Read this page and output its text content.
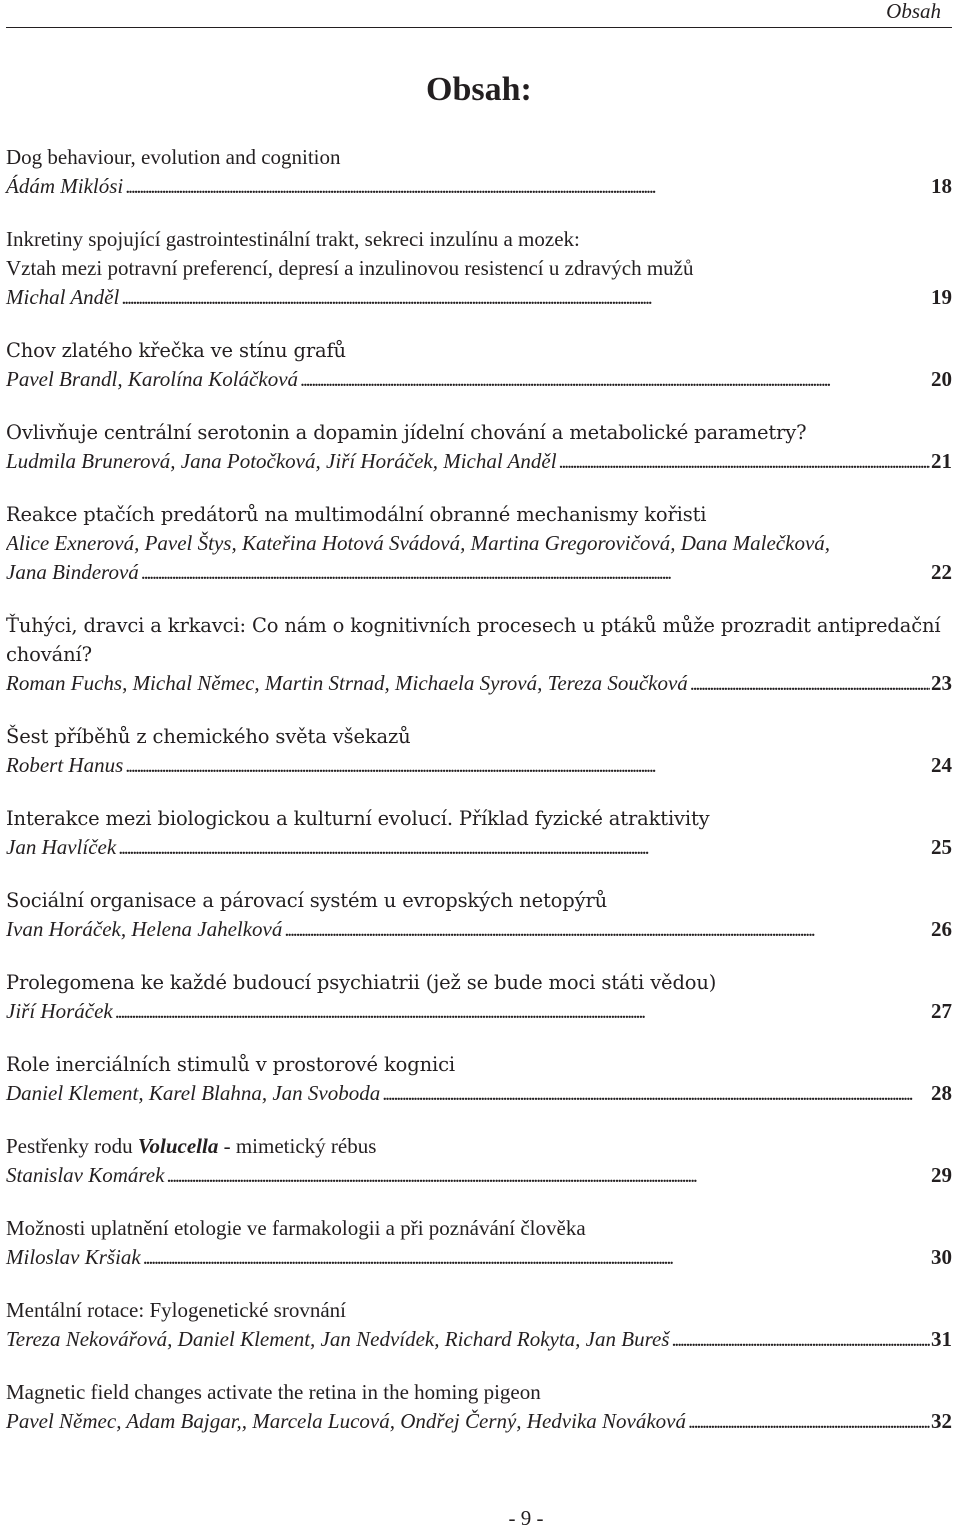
Obsah
Obsah:
Dog behaviour, evolution and cognition
Ádám Miklósi . . .	18
Inkretiny spojující gastrointestinální trakt, sekreci inzulínu a mozek:
Vztah mezi potravní preferencí, depresí a inzulinovou resistencí u zdravých mužů
Michal Anděl . . .	19
Chov zlatého křečka ve stínu grafů
Pavel Brandl, Karolína Koláčková . . .	20
Ovlivňuje centrální serotonin a dopamin jídelní chování a metabolické parametry?
Ludmila Brunerová, Jana Potočková, Jiří Horáček, Michal Anděl . . .	21
Reakce ptačích predátorů na multimodální obranné mechanismy kořisti
Alice Exnerová, Pavel Štys, Kateřina Hotová Svádová, Martina Gregorovičová, Dana Malečková,
Jana Binderová . . .	22
Ťuhýci, dravci a krkavci: Co nám o kognitivních procesech u ptáků může prozradit antipredační chování?
Roman Fuchs, Michal Němec, Martin Strnad, Michaela Syrová, Tereza Součková . . .	23
Šest příběhů z chemického světa všekazů
Robert Hanus . . .	24
Interakce mezi biologickou a kulturní evolucí. Příklad fyzické atraktivity
Jan Havlíček . . .	25
Sociální organisace a párovací systém u evropských netopýrů
Ivan Horáček, Helena Jahelková . . .	26
Prolegomena ke každé budoucí psychiatrii (jež se bude moci státi vědou)
Jiří Horáček . . .	27
Role inerciálních stimulů v prostorové kognici
Daniel Klement, Karel Blahna, Jan Svoboda . . .	28
Pestřenky rodu Volucella - mimetický rébus
Stanislav Komárek . . .	29
Možnosti uplatnění etologie ve farmakologii a při poznávání člověka
Miloslav Kršiak . . .	30
Mentální rotace: Fylogenetické srovnání
Tereza Nekovářová, Daniel Klement, Jan Nedvídek, Richard Rokyta, Jan Bureš . . .	31
Magnetic field changes activate the retina in the homing pigeon
Pavel Němec, Adam Bajgar,, Marcela Lucová, Ondřej Černý, Hedvika Nováková . . .	32
- 9 -
